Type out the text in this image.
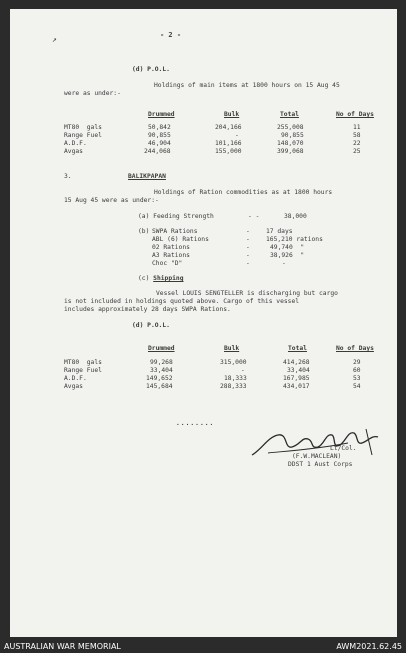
- 2 -
↗
(d) P.O.L.
Holdings of main items at 1800 hours on 15 Aug 45
were as under:-
Drummed	Bulk	Total	No of Days
MT80  gals	50,842	204,166	255,008	11
Range Fuel	90,855	-	90,855	58
A.D.F.	46,904	101,166	148,070	22
Avgas	244,068	155,000	399,068	25
3.	BALIKPAPAN
Holdings of Ration commodities as at 1800 hours
15 Aug 45 were as under:-
(a) Feeding Strength	- -	38,000
(b) SWPA Rations	-	17 days
ABL (6) Rations	-	165,210 rations
02 Rations	-	49,740  "
A3 Rations	-	38,926  "
Choc "D"	-	-
(c) Shipping
Vessel LOUIS SENGTELLER is discharging but cargo
is not included in holdings quoted above. Cargo of this vessel
includes approximately 28 days SWPA Rations.
(d) P.O.L.
Drummed	Bulk	Total	No of Days
MT80  gals	99,268	315,000	414,268	29
Range Fuel	33,404	-	33,404	60
A.D.F.	149,652	18,333	167,985	53
Avgas	145,684	288,333	434,017	54
........
Lt/Col.
(F.W.MACLEAN)
DDST 1 Aust Corps
AUSTRALIAN WAR MEMORIAL	AWM2021.62.45
